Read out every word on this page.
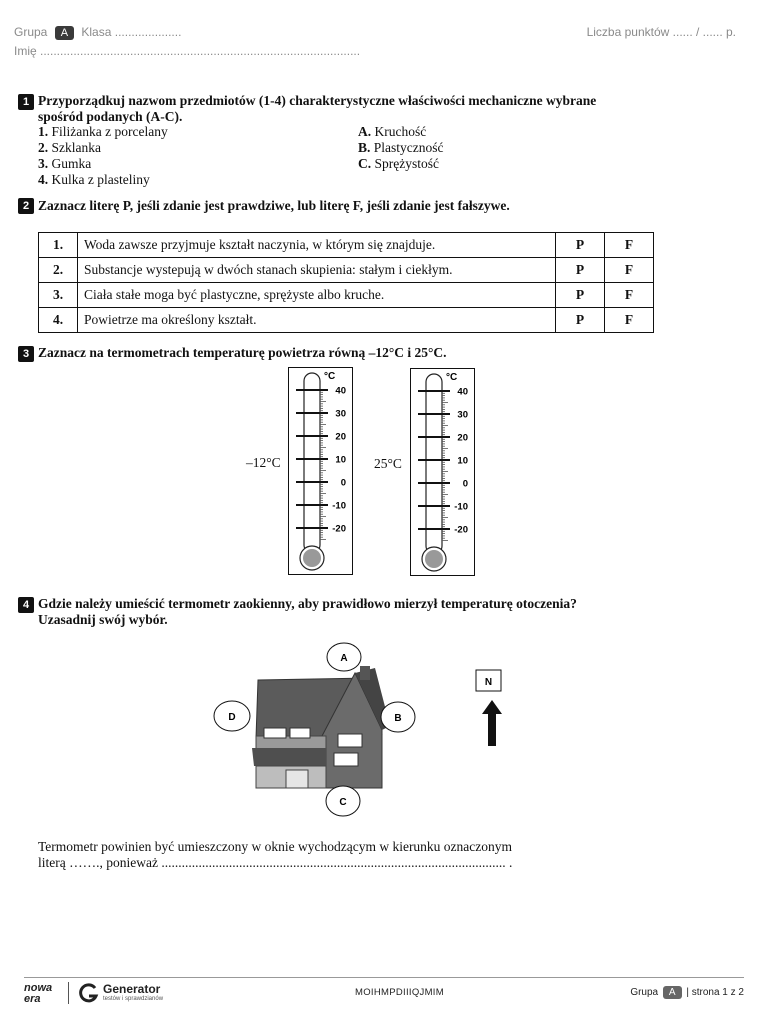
Grupa A Klasa ....................	Liczba punktów ...... / ...... p.
Imię ................................................................................................
1 Przyporządkuj nazwom przedmiotów (1-4) charakterystyczne właściwości mechaniczne wybrane
spośród podanych (A-C).
1. Filiżanka z porcelany
2. Szklanka
3. Gumka
4. Kulka z plasteliny
A. Kruchość
B. Plastyczność
C. Sprężystość
2 Zaznacz literę P, jeśli zdanie jest prawdziwe, lub literę F, jeśli zdanie jest fałszywe.
1.	Woda zawsze przyjmuje kształt naczynia, w którym się znajduje.	P	F
2.	Substancje wystepują w dwóch stanach skupienia: stałym i ciekłym.	P	F
3.	Ciała stałe moga być plastyczne, sprężyste albo kruche.	P	F
4.	Powietrze ma określony kształt.	P	F
3 Zaznacz na termometrach temperaturę powietrza równą –12°C i 25°C.
–12°C	25°C
°C
40
30
20
10
0
-10
-20
°C
40
30
20
10
0
-10
-20
4 Gdzie należy umieścić termometr zaokienny, aby prawidłowo mierzył temperaturę otoczenia?
Uzasadnij swój wybór.
A
D	B
C
N
Termometr powinien być umieszczony w oknie wychodzącym w kierunku oznaczonym
literą ……., ponieważ ...................................................................................................... .
nowa era
Generator
testów i sprawdzianów
MOIHMPDIIIQJMIM	Grupa A | strona 1 z 2
